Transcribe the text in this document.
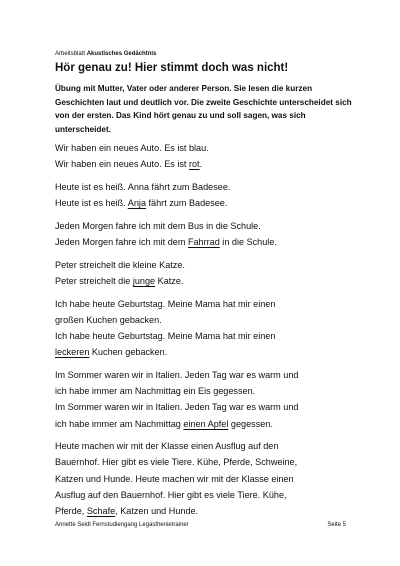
Arbeitsblatt Akustisches Gedächtnis
Hör genau zu! Hier stimmt doch was nicht!

Übung mit Mutter, Vater oder anderer Person. Sie lesen die kurzen Geschichten laut und deutlich vor. Die zweite Geschichte unterscheidet sich von der ersten. Das Kind hört genau zu und soll sagen, was sich unterscheidet.

Wir haben ein neues Auto. Es ist blau.

Wir haben ein neues Auto. Es ist rot.

Heute ist es heiß. Anna fährt zum Badesee.

Heute ist es heiß. Anja fährt zum Badesee.

Jeden Morgen fahre ich mit dem Bus in die Schule.

Jeden Morgen fahre ich mit dem Fahrrad in die Schule.

Peter streichelt die kleine Katze.

Peter streichelt die junge Katze.

Ich habe heute Geburtstag. Meine Mama hat mir einen

großen Kuchen gebacken.

Ich habe heute Geburtstag. Meine Mama hat mir einen

leckeren Kuchen gebacken.

Im Sommer waren wir in Italien. Jeden Tag war es warm und

ich habe immer am Nachmittag ein Eis gegessen.

Im Sommer waren wir in Italien. Jeden Tag war es warm und

ich habe immer am Nachmittag einen Apfel gegessen.

Heute machen wir mit der Klasse einen Ausflug auf den

Bauernhof. Hier gibt es viele Tiere. Kühe, Pferde, Schweine,

Katzen und Hunde. Heute machen wir mit der Klasse einen

Ausflug auf den Bauernhof. Hier gibt es viele Tiere. Kühe,

Pferde, Schafe, Katzen und Hunde.

Annette Seidl Fernstudiengang Legasthenietrainer	Seite 5
